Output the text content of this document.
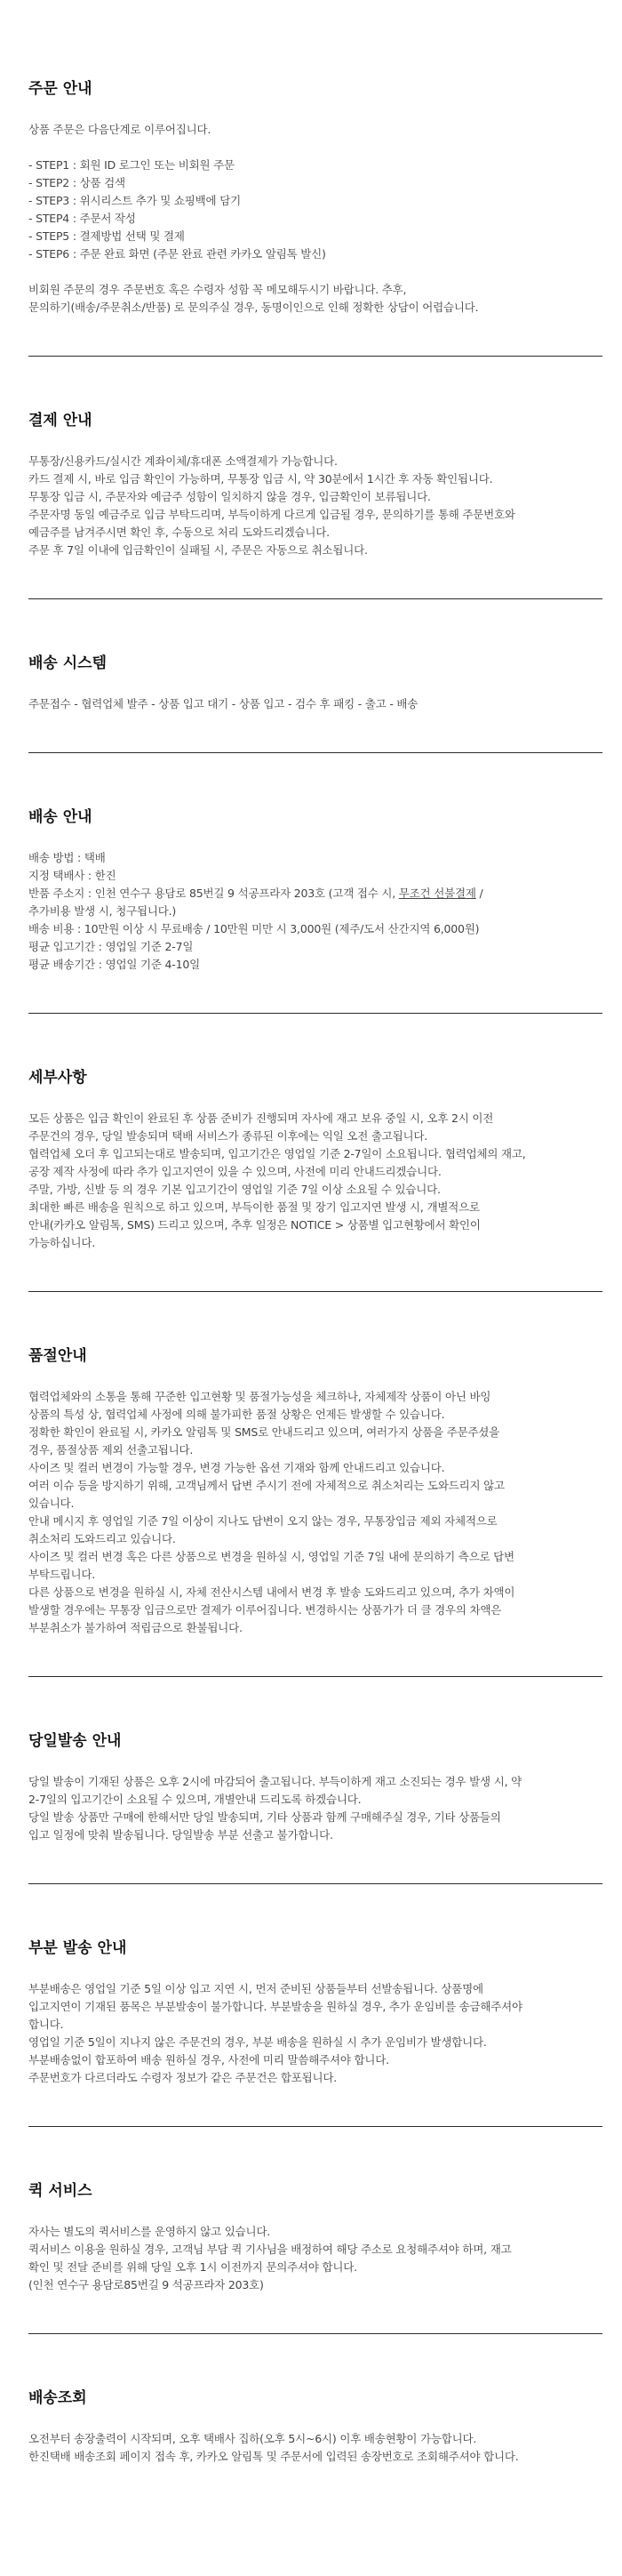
주문 안내

상품 주문은 다음단계로 이루어집니다.

- STEP1 : 회원 ID 로그인 또는 비회원 주문
- STEP2 : 상품 검색
- STEP3 : 위시리스트 추가 및 쇼핑백에 담기
- STEP4 : 주문서 작성
- STEP5 : 결제방법 선택 및 결제
- STEP6 : 주문 완료 화면 (주문 완료 관련 카카오 알림톡 발신)

비회원 주문의 경우 주문번호 혹은 수령자 성함 꼭 메모해두시기 바랍니다. 추후,
문의하기(배송/주문취소/반품) 로 문의주실 경우, 동명이인으로 인해 정확한 상담이 어렵습니다.

결제 안내

무통장/신용카드/실시간 계좌이체/휴대폰 소액결제가 가능합니다.
카드 결제 시, 바로 입금 확인이 가능하며, 무통장 입금 시, 약 30분에서 1시간 후 자동 확인됩니다.
무통장 입금 시, 주문자와 예금주 성함이 일치하지 않을 경우, 입금확인이 보류됩니다.
주문자명 동일 예금주로 입금 부탁드리며, 부득이하게 다르게 입금될 경우, 문의하기를 통해 주문번호와
예금주를 남겨주시면 확인 후, 수동으로 처리 도와드리겠습니다.
주문 후 7일 이내에 입금확인이 실패될 시, 주문은 자동으로 취소됩니다.

배송 시스템

주문접수 - 협력업체 발주 - 상품 입고 대기 - 상품 입고 - 검수 후 패킹 - 출고 - 배송

배송 안내
배송 방법 : 택배
지정 택배사 : 한진
반품 주소지 : 인천 연수구 용담로 85번길 9 석공프라자 203호 (고객 접수 시, 무조건 선불결제 /
추가비용 발생 시, 청구됩니다.)
배송 비용 : 10만원 이상 시 무료배송 / 10만원 미만 시 3,000원 (제주/도서 산간지역 6,000원)
평균 입고기간 : 영업일 기준 2-7일
평균 배송기간 : 영업일 기준 4-10일
세부사항

모든 상품은 입금 확인이 완료된 후 상품 준비가 진행되며 자사에 재고 보유 중일 시, 오후 2시 이전
주문건의 경우, 당일 발송되며 택배 서비스가 종류된 이후에는 익일 오전 출고됩니다.
협력업체 오더 후 입고되는대로 발송되며, 입고기간은 영업일 기준 2-7일이 소요됩니다. 협력업체의 재고,
공장 제작 사정에 따라 추가 입고지연이 있을 수 있으며, 사전에 미리 안내드리겠습니다.
주말, 가방, 신발 등 의 경우 기본 입고기간이 영업일 기준 7일 이상 소요될 수 있습니다.
최대한 빠른 배송을 원칙으로 하고 있으며, 부득이한 품절 및 장기 입고지연 발생 시, 개별적으로
안내(카카오 알림톡, SMS) 드리고 있으며, 추후 일정은 NOTICE > 상품별 입고현황에서 확인이
가능하십니다.

품절안내

협력업체와의 소통을 통해 꾸준한 입고현황 및 품절가능성을 체크하나, 자체제작 상품이 아닌 바잉
상품의 특성 상, 협력업체 사정에 의해 불가피한 품절 상황은 언제든 발생할 수 있습니다.
정확한 확인이 완료될 시, 카카오 알림톡 및 SMS로 안내드리고 있으며, 여러가지 상품을 주문주셨을
경우, 품절상품 제외 선출고됩니다.
사이즈 및 컬러 변경이 가능할 경우, 변경 가능한 옵션 기재와 함께 안내드리고 있습니다.
여러 이슈 등을 방지하기 위해, 고객님께서 답변 주시기 전에 자체적으로 취소처리는 도와드리지 않고
있습니다.
안내 메시지 후 영업일 기준 7일 이상이 지나도 답변이 오지 않는 경우, 무통장입금 제외 자체적으로
취소처리 도와드리고 있습니다.
사이즈 및 컬러 변경 혹은 다른 상품으로 변경을 원하실 시, 영업일 기준 7일 내에 문의하기 측으로 답변
부탁드립니다.
다른 상품으로 변경을 원하실 시, 자체 전산시스템 내에서 변경 후 발송 도와드리고 있으며, 추가 차액이
발생할 경우에는 무통장 입금으로만 결제가 이루어집니다. 변경하시는 상품가가 더 클 경우의 차액은
부분취소가 불가하여 적립금으로 환불됩니다.

당일발송 안내

당일 발송이 기재된 상품은 오후 2시에 마감되어 출고됩니다. 부득이하게 재고 소진되는 경우 발생 시, 약
2-7일의 입고기간이 소요될 수 있으며, 개별안내 드리도록 하겠습니다.
당일 발송 상품만 구매에 한해서만 당일 발송되며, 기타 상품과 함께 구매해주실 경우, 기타 상품들의
입고 일정에 맞춰 발송됩니다. 당일발송 부분 선출고 불가합니다.

부분 발송 안내

부분배송은 영업일 기준 5일 이상 입고 지연 시, 먼저 준비된 상품들부터 선발송됩니다. 상품명에
입고지연이 기재된 품목은 부분발송이 불가합니다. 부분발송을 원하실 경우, 추가 운임비를 송금해주셔야
합니다.
영업일 기준 5일이 지나지 않은 주문건의 경우, 부분 배송을 원하실 시 추가 운임비가 발생합니다.
부분배송없이 합포하여 배송 원하실 경우, 사전에 미리 말씀해주셔야 합니다.
주문번호가 다르더라도 수령자 정보가 같은 주문건은 합포됩니다.

퀵 서비스

자사는 별도의 퀵서비스를 운영하지 않고 있습니다.
퀵서비스 이용을 원하실 경우, 고객님 부담 퀵 기사님을 배정하여 해당 주소로 요청해주셔야 하며, 재고
확인 및 전달 준비를 위해 당일 오후 1시 이전까지 문의주셔야 합니다.
(인천 연수구 용담로85번길 9 석공프라자 203호)

배송조회

오전부터 송장출력이 시작되며, 오후 택배사 집하(오후 5시~6시) 이후 배송현황이 가능합니다.
한진택배 배송조회 페이지 접속 후, 카카오 알림톡 및 주문서에 입력된 송장번호로 조회해주셔야 합니다.
